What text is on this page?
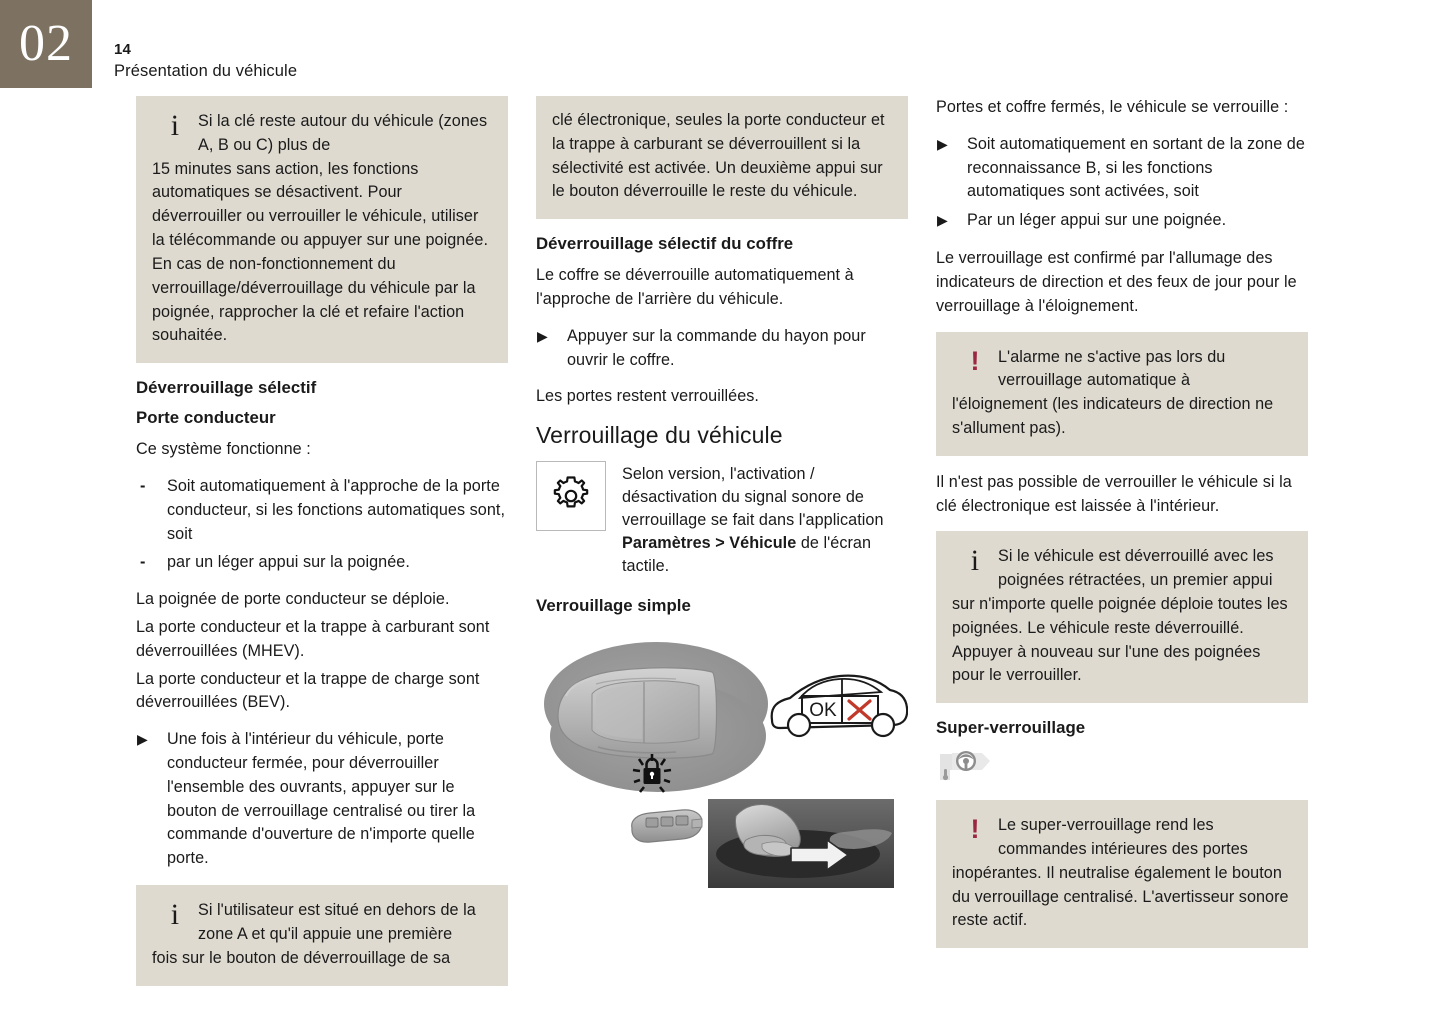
02	14
Présentation du véhicule
i	Si la clé reste autour du véhicule (zones A, B ou C) plus de
15 minutes sans action, les fonctions automatiques se désactivent. Pour déverrouiller ou verrouiller le véhicule, utiliser la télécommande ou appuyer sur une poignée.
En cas de non-fonctionnement du verrouillage/déverrouillage du véhicule par la poignée, rapprocher la clé et refaire l'action souhaitée.
Déverrouillage sélectif
Porte conducteur

Ce système fonctionne :

- Soit automatiquement à l'approche de la porte conducteur, si les fonctions automatiques sont, soit
- par un léger appui sur la poignée.

La poignée de porte conducteur se déploie.

La porte conducteur et la trappe à carburant sont déverrouillées (MHEV).

La porte conducteur et la trappe de charge sont déverrouillées (BEV).

▶ Une fois à l'intérieur du véhicule, porte conducteur fermée, pour déverrouiller l'ensemble des ouvrants, appuyer sur le bouton de verrouillage centralisé ou tirer la commande d'ouverture de n'importe quelle porte.
i	Si l'utilisateur est situé en dehors de la zone A et qu'il appuie une première
fois sur le bouton de déverrouillage de sa
clé électronique, seules la porte conducteur et la trappe à carburant se déverrouillent si la sélectivité est activée. Un deuxième appui sur le bouton déverrouille le reste du véhicule.
Déverrouillage sélectif du coffre

Le coffre se déverrouille automatiquement à l'approche de l'arrière du véhicule.

▶ Appuyer sur la commande du hayon pour ouvrir le coffre.

Les portes restent verrouillées.

Verrouillage du véhicule
Selon version, l'activation / désactivation du signal sonore de verrouillage se fait dans l'application Paramètres > Véhicule de l'écran tactile.
Verrouillage simple
OK

Portes et coffre fermés, le véhicule se verrouille :

▶ Soit automatiquement en sortant de la zone de reconnaissance B, si les fonctions automatiques sont activées, soit
▶ Par un léger appui sur une poignée.

Le verrouillage est confirmé par l'allumage des indicateurs de direction et des feux de jour pour le verrouillage à l'éloignement.

!	L'alarme ne s'active pas lors du verrouillage automatique à
l'éloignement (les indicateurs de direction ne s'allument pas).

Il n'est pas possible de verrouiller le véhicule si la clé électronique est laissée à l'intérieur.

i	Si le véhicule est déverrouillé avec les poignées rétractées, un premier appui
sur n'importe quelle poignée déploie toutes les poignées. Le véhicule reste déverrouillé. Appuyer à nouveau sur l'une des poignées pour le verrouiller.
Super-verrouillage
!	Le super-verrouillage rend les commandes intérieures des portes
inopérantes. Il neutralise également le bouton du verrouillage centralisé. L'avertisseur sonore reste actif.
